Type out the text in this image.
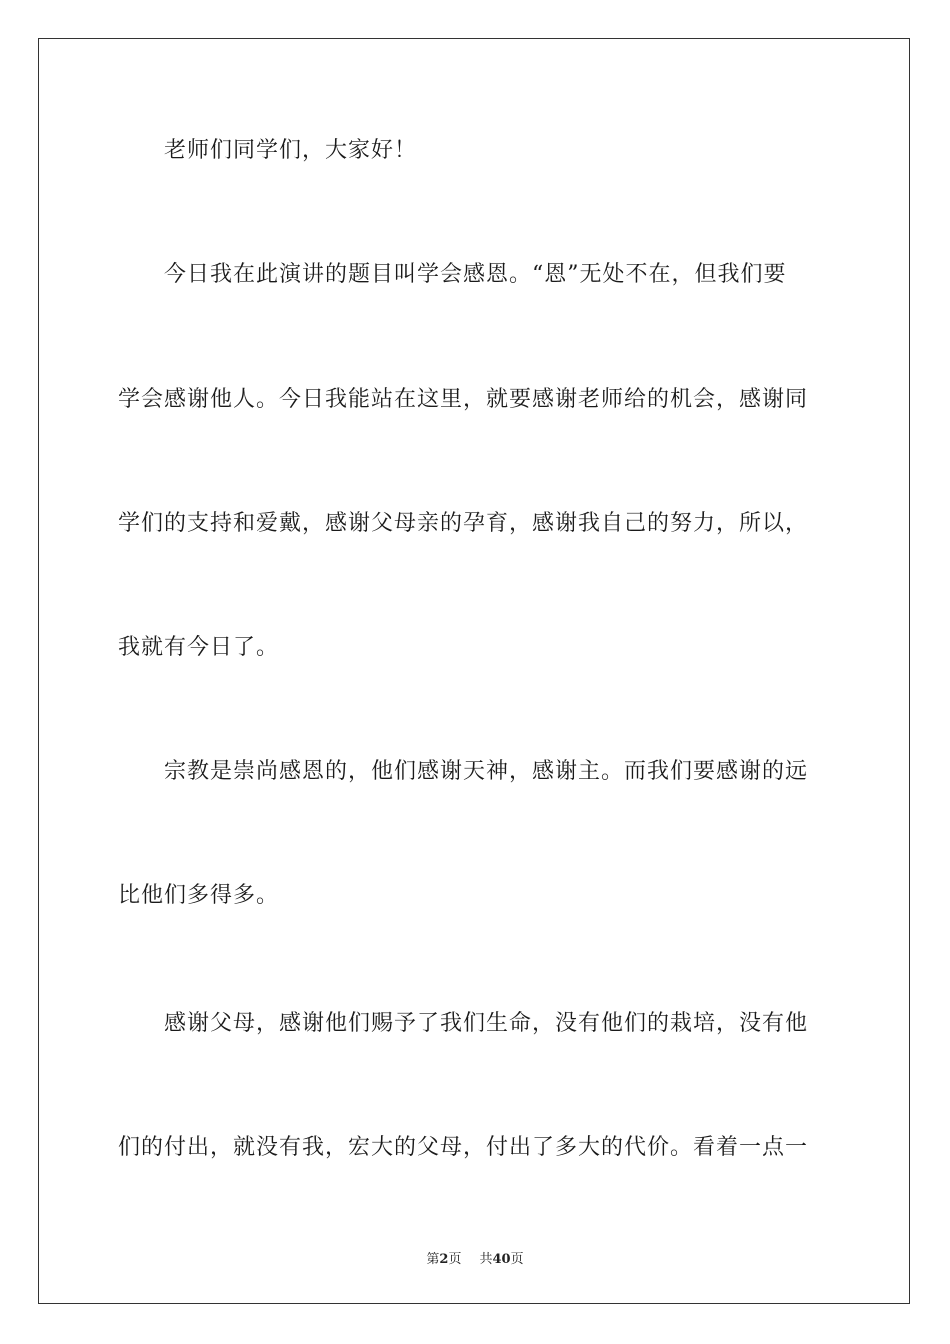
老师们同学们，大家好！
今日我在此演讲的题目叫学会感恩。“恩”无处不在，但我们要
学会感谢他人。今日我能站在这里，就要感谢老师给的机会，感谢同
学们的支持和爱戴，感谢父母亲的孕育，感谢我自己的努力，所以，
我就有今日了。
宗教是崇尚感恩的，他们感谢天神，感谢主。而我们要感谢的远
比他们多得多。
感谢父母，感谢他们赐予了我们生命，没有他们的栽培，没有他
们的付出，就没有我，宏大的父母，付出了多大的代价。看着一点一
第2页 共40页
